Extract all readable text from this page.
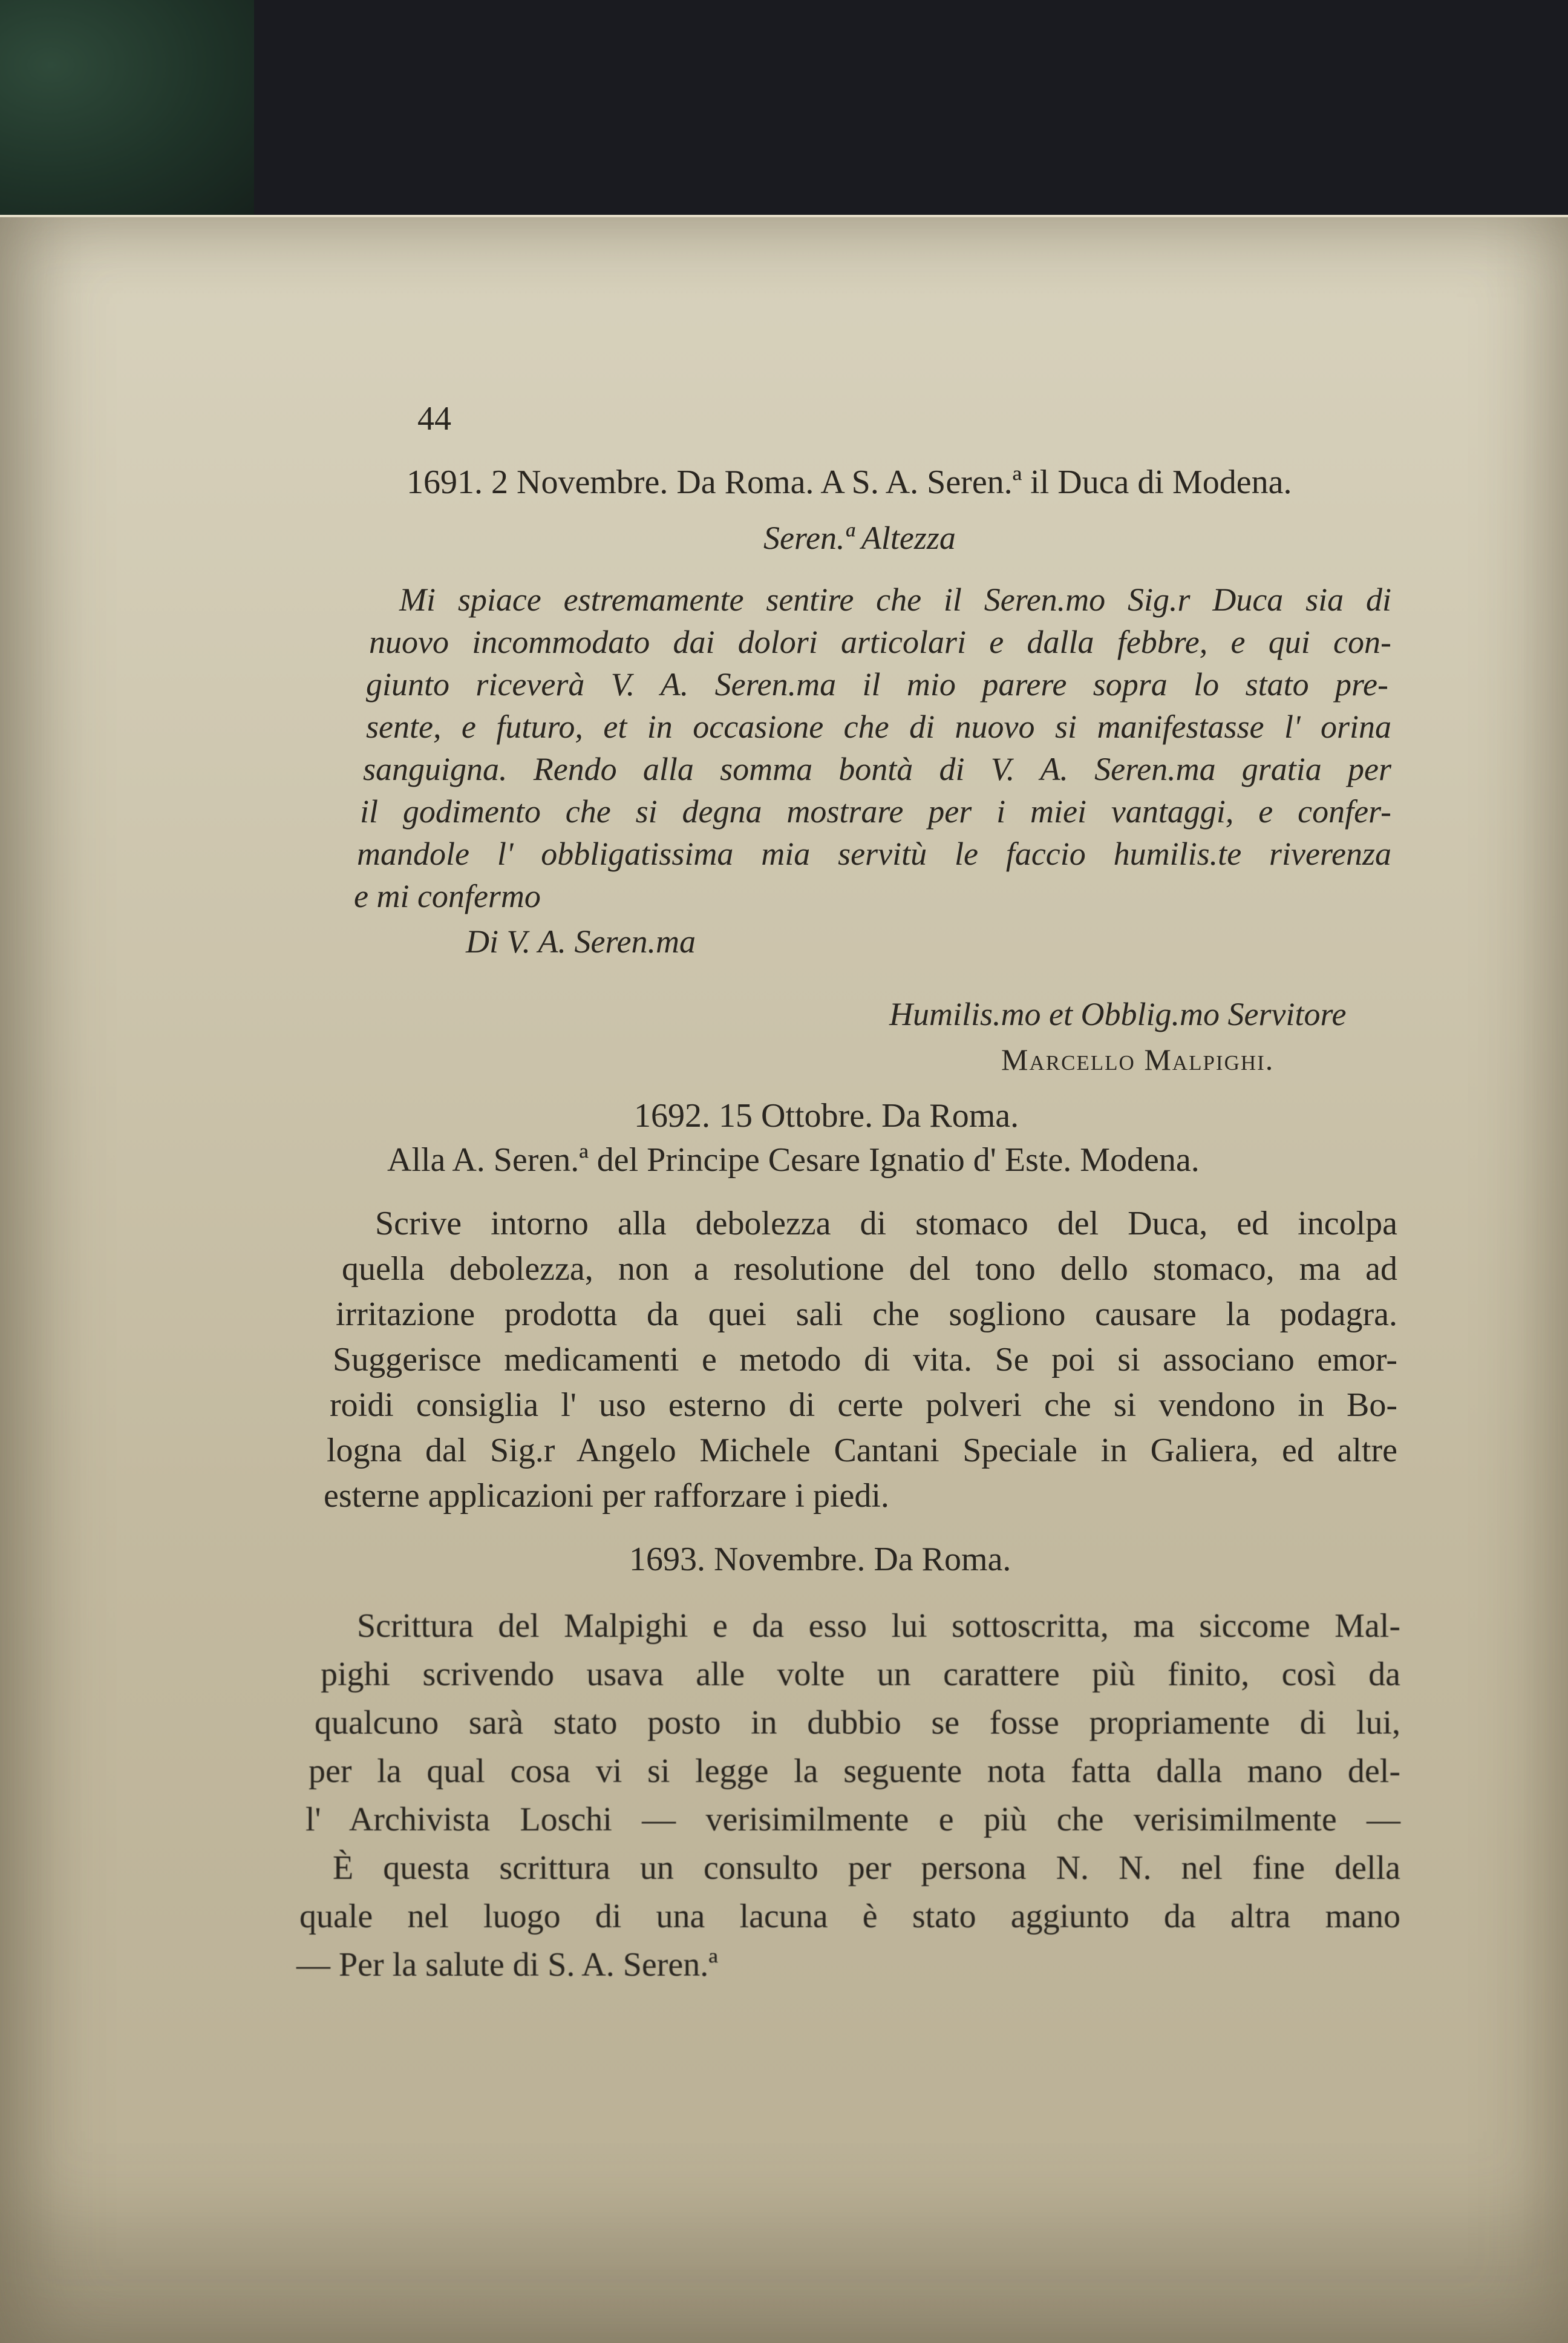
44
1691. 2 Novembre. Da Roma. A S. A. Seren.ª il Duca di Modena.
Seren.ª Altezza
Mi spiace estremamente sentire che il Seren.mo Sig.r Duca sia di
nuovo incommodato dai dolori articolari e dalla febbre, e qui con-
giunto riceverà V. A. Seren.ma il mio parere sopra lo stato pre-
sente, e futuro, et in occasione che di nuovo si manifestasse l' orina
sanguigna. Rendo alla somma bontà di V. A. Seren.ma gratia per
il godimento che si degna mostrare per i miei vantaggi, e confer-
mandole l' obbligatissima mia servitù le faccio humilis.te riverenza
e mi confermo
Di V. A. Seren.ma
Humilis.mo et Obblig.mo Servitore
Marcello Malpighi.
1692. 15 Ottobre. Da Roma.
Alla A. Seren.ª del Principe Cesare Ignatio d' Este. Modena.
Scrive intorno alla debolezza di stomaco del Duca, ed incolpa
quella debolezza, non a resolutione del tono dello stomaco, ma ad
irritazione prodotta da quei sali che sogliono causare la podagra.
Suggerisce medicamenti e metodo di vita. Se poi si associano emor-
roidi consiglia l' uso esterno di certe polveri che si vendono in Bo-
logna dal Sig.r Angelo Michele Cantani Speciale in Galiera, ed altre
esterne applicazioni per rafforzare i piedi.
1693. Novembre. Da Roma.
Scrittura del Malpighi e da esso lui sottoscritta, ma siccome Mal-
pighi scrivendo usava alle volte un carattere più finito, così da
qualcuno sarà stato posto in dubbio se fosse propriamente di lui,
per la qual cosa vi si legge la seguente nota fatta dalla mano del-
l' Archivista Loschi — verisimilmente e più che verisimilmente —
È questa scrittura un consulto per persona N. N. nel fine della
quale nel luogo di una lacuna è stato aggiunto da altra mano
— Per la salute di S. A. Seren.ª
